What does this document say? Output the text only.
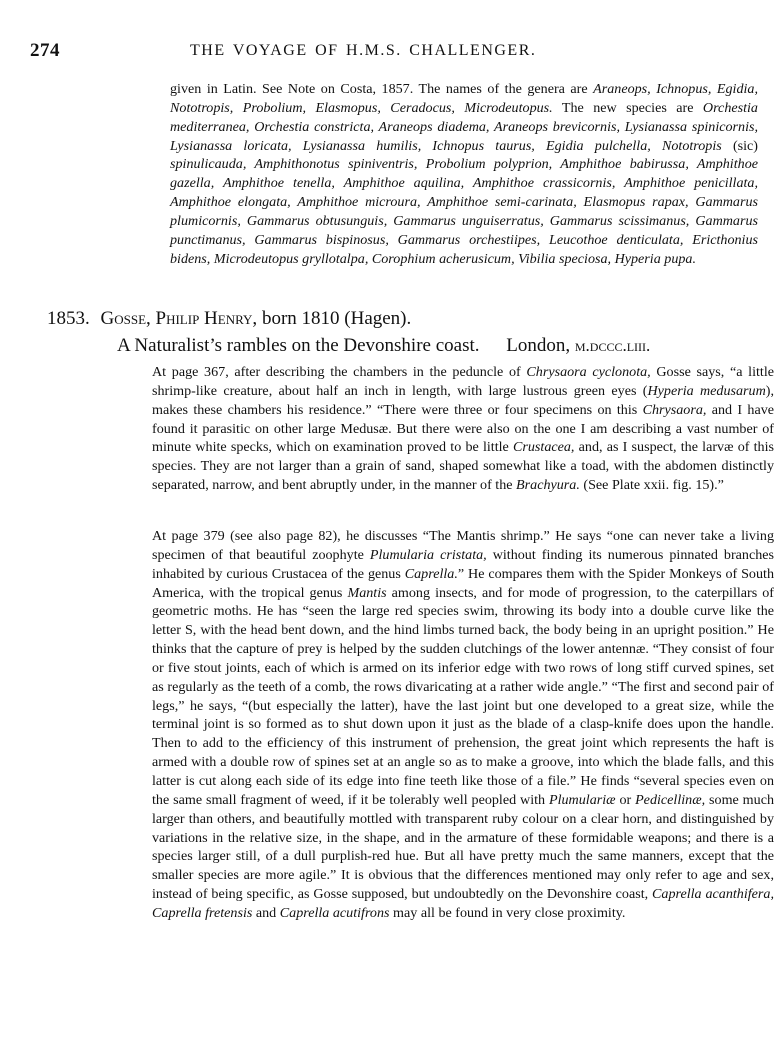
274	THE VOYAGE OF H.M.S. CHALLENGER.

given in Latin. See Note on Costa, 1857. The names of the genera are Araneops, Ichnopus, Egidia, Nototropis, Probolium, Elasmopus, Ceradocus, Microdeutopus. The new species are Orchestia mediterranea, Orchestia constricta, Araneops diadema, Araneops brevicornis, Lysianassa spinicornis, Lysianassa loricata, Lysianassa humilis, Ichnopus taurus, Egidia pulchella, Nototropis (sic) spinulicauda, Amphithonotus spiniventris, Probolium polyprion, Amphithoe babirussa, Amphithoe gazella, Amphithoe tenella, Amphithoe aquilina, Amphithoe crassicornis, Amphithoe penicillata, Amphithoe elongata, Amphithoe microura, Amphithoe semi-carinata, Elasmopus rapax, Gammarus plumicornis, Gammarus obtusunguis, Gammarus unguiserratus, Gammarus scissimanus, Gammarus punctimanus, Gammarus bispinosus, Gammarus orchestiipes, Leucothoe denticulata, Ericthonius bidens, Microdeutopus gryllotalpa, Corophium acherusicum, Vibilia speciosa, Hyperia pupa.

1853. Gosse, Philip Henry, born 1810 (Hagen).
A Naturalist’s rambles on the Devonshire coast. London, m.dccc.liii.

At page 367, after describing the chambers in the peduncle of Chrysaora cyclonota, Gosse says, “a little shrimp-like creature, about half an inch in length, with large lustrous green eyes (Hyperia medusarum), makes these chambers his residence.” “There were three or four specimens on this Chrysaora, and I have found it parasitic on other large Medusæ. But there were also on the one I am describing a vast number of minute white specks, which on examination proved to be little Crustacea, and, as I suspect, the larvæ of this species. They are not larger than a grain of sand, shaped somewhat like a toad, with the abdomen distinctly separated, narrow, and bent abruptly under, in the manner of the Brachyura. (See Plate xxii. fig. 15).”

At page 379 (see also page 82), he discusses “The Mantis shrimp.” He says “one can never take a living specimen of that beautiful zoophyte Plumularia cristata, without finding its numerous pinnated branches inhabited by curious Crustacea of the genus Caprella.” He compares them with the Spider Monkeys of South America, with the tropical genus Mantis among insects, and for mode of progression, to the caterpillars of geometric moths. He has “seen the large red species swim, throwing its body into a double curve like the letter S, with the head bent down, and the hind limbs turned back, the body being in an upright position.” He thinks that the capture of prey is helped by the sudden clutchings of the lower antennæ. “They consist of four or five stout joints, each of which is armed on its inferior edge with two rows of long stiff curved spines, set as regularly as the teeth of a comb, the rows divaricating at a rather wide angle.” “The first and second pair of legs,” he says, “(but especially the latter), have the last joint but one developed to a great size, while the terminal joint is so formed as to shut down upon it just as the blade of a clasp-knife does upon the handle. Then to add to the efficiency of this instrument of prehension, the great joint which represents the haft is armed with a double row of spines set at an angle so as to make a groove, into which the blade falls, and this latter is cut along each side of its edge into fine teeth like those of a file.” He finds “several species even on the same small fragment of weed, if it be tolerably well peopled with Plumulariæ or Pedicellinæ, some much larger than others, and beautifully mottled with transparent ruby colour on a clear horn, and distinguished by variations in the relative size, in the shape, and in the armature of these formidable weapons; and there is a species larger still, of a dull purplish-red hue. But all have pretty much the same manners, except that the smaller species are more agile.” It is obvious that the differences mentioned may only refer to age and sex, instead of being specific, as Gosse supposed, but undoubtedly on the Devonshire coast, Caprella acanthifera, Caprella fretensis and Caprella acutifrons may all be found in very close proximity.
